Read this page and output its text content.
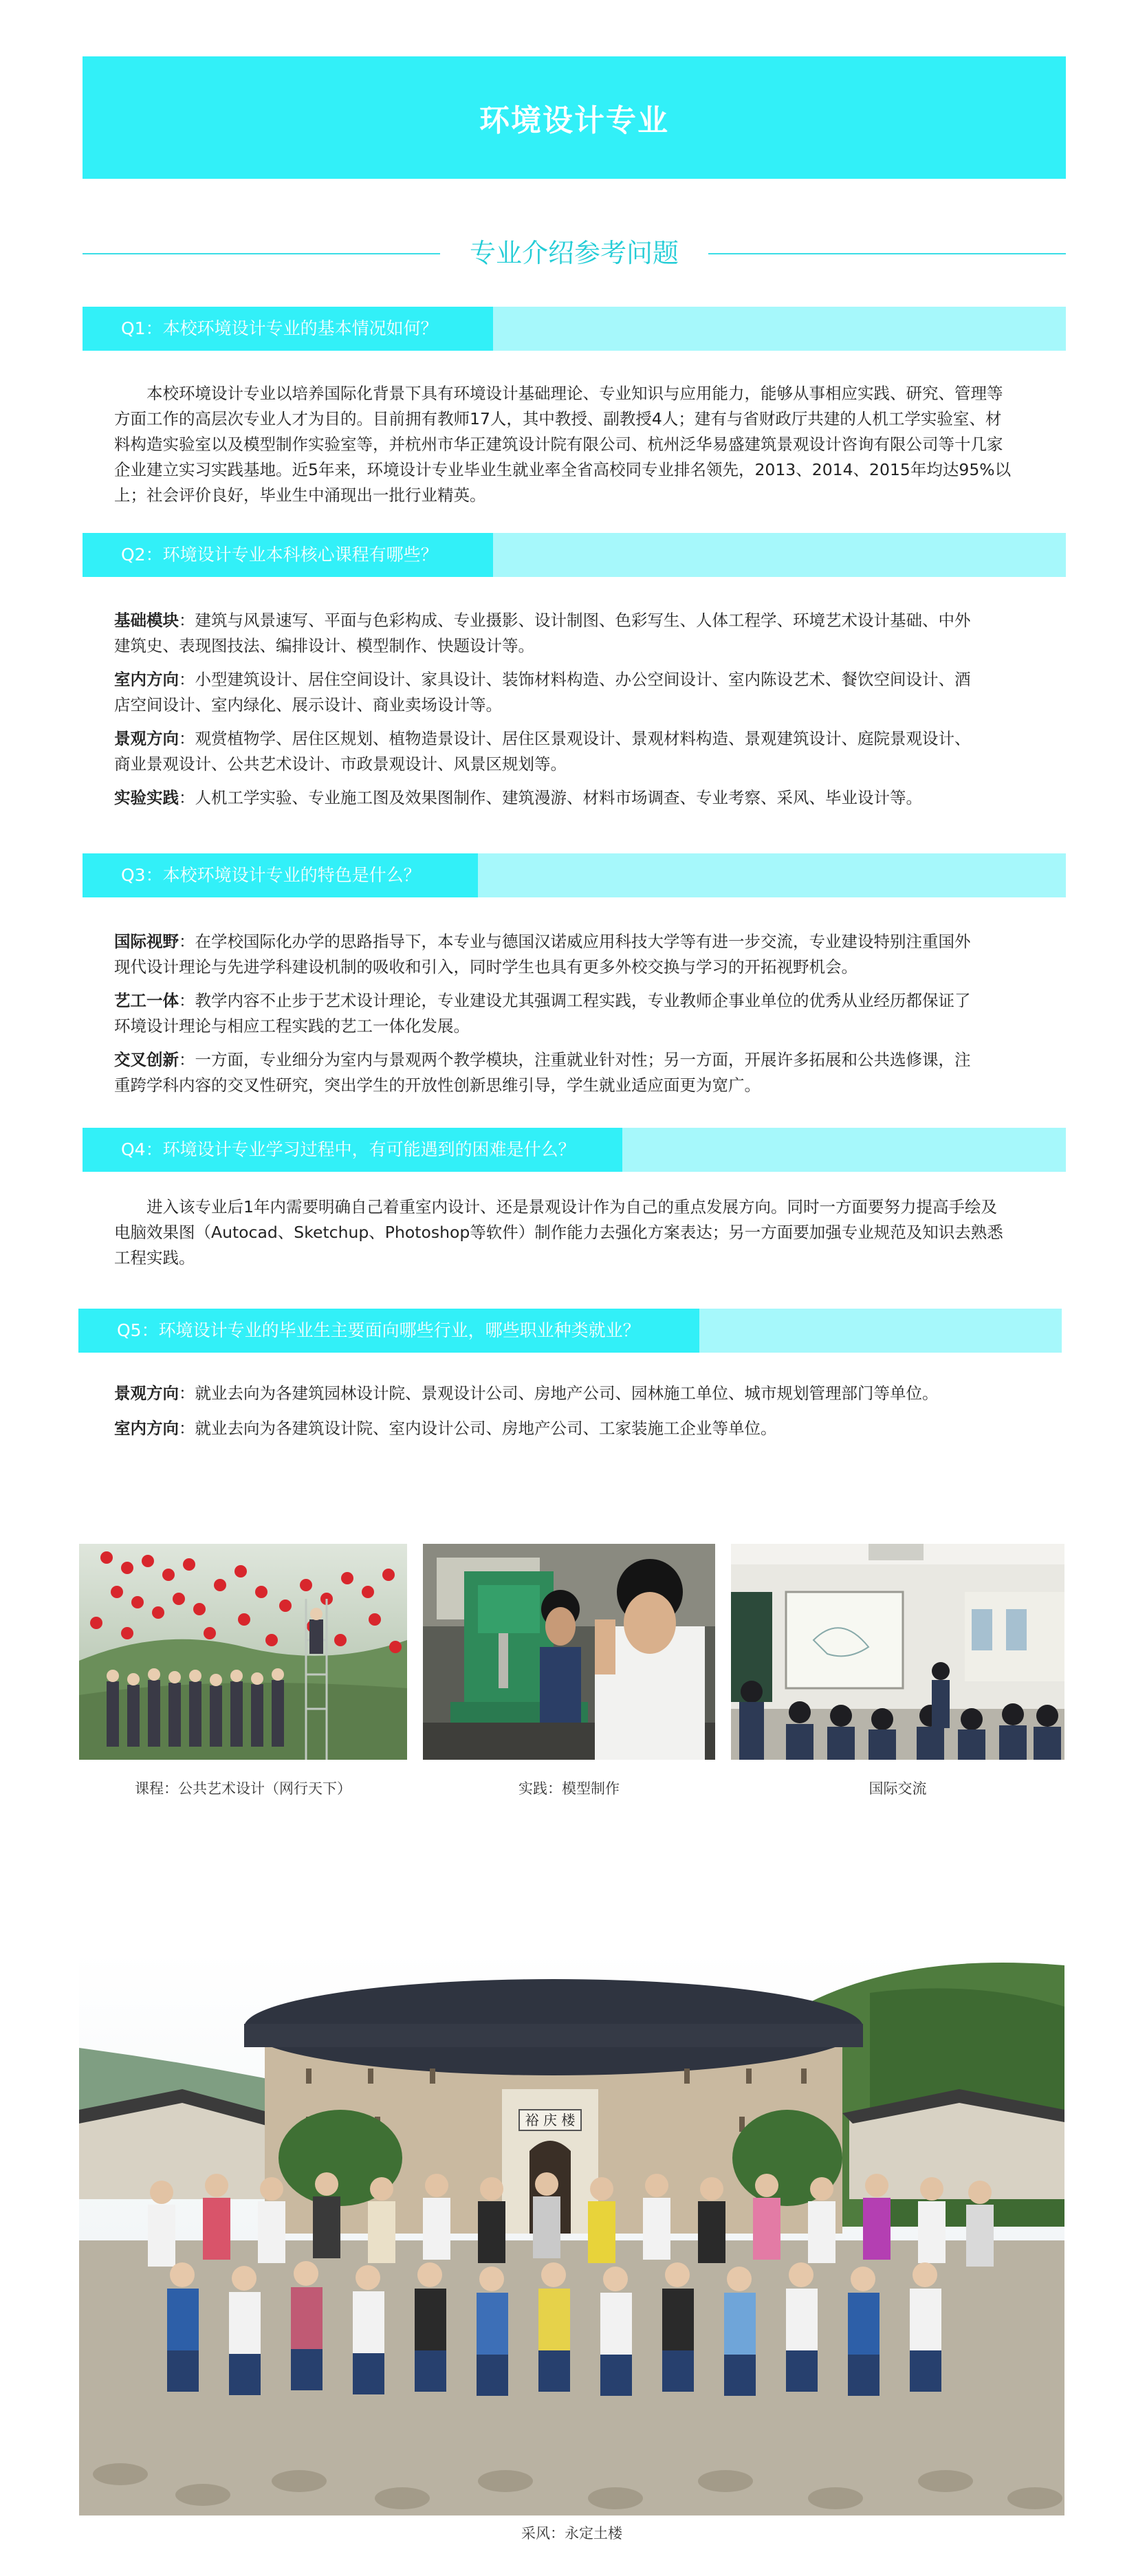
环境设计专业
专业介绍参考问题
Q1：本校环境设计专业的基本情况如何？
本校环境设计专业以培养国际化背景下具有环境设计基础理论、专业知识与应用能力，能够从事相应实践、研究、管理等
方面工作的高层次专业人才为目的。目前拥有教师17人，其中教授、副教授4人；建有与省财政厅共建的人机工学实验室、材
料构造实验室以及模型制作实验室等，并杭州市华正建筑设计院有限公司、杭州泛华易盛建筑景观设计咨询有限公司等十几家
企业建立实习实践基地。近5年来，环境设计专业毕业生就业率全省高校同专业排名领先，2013、2014、2015年均达95%以
上；社会评价良好，毕业生中涌现出一批行业精英。
Q2：环境设计专业本科核心课程有哪些？
基础模块：建筑与风景速写、平面与色彩构成、专业摄影、设计制图、色彩写生、人体工程学、环境艺术设计基础、中外
建筑史、表现图技法、编排设计、模型制作、快题设计等。
室内方向：小型建筑设计、居住空间设计、家具设计、装饰材料构造、办公空间设计、室内陈设艺术、餐饮空间设计、酒
店空间设计、室内绿化、展示设计、商业卖场设计等。
景观方向：观赏植物学、居住区规划、植物造景设计、居住区景观设计、景观材料构造、景观建筑设计、庭院景观设计、
商业景观设计、公共艺术设计、市政景观设计、风景区规划等。
实验实践：人机工学实验、专业施工图及效果图制作、建筑漫游、材料市场调查、专业考察、采风、毕业设计等。
Q3：本校环境设计专业的特色是什么？
国际视野：在学校国际化办学的思路指导下，本专业与德国汉诺威应用科技大学等有进一步交流，专业建设特别注重国外
现代设计理论与先进学科建设机制的吸收和引入，同时学生也具有更多外校交换与学习的开拓视野机会。
艺工一体：教学内容不止步于艺术设计理论，专业建设尤其强调工程实践，专业教师企事业单位的优秀从业经历都保证了
环境设计理论与相应工程实践的艺工一体化发展。
交叉创新：一方面，专业细分为室内与景观两个教学模块，注重就业针对性；另一方面，开展许多拓展和公共选修课，注
重跨学科内容的交叉性研究，突出学生的开放性创新思维引导，学生就业适应面更为宽广。
Q4：环境设计专业学习过程中，有可能遇到的困难是什么？
进入该专业后1年内需要明确自己着重室内设计、还是景观设计作为自己的重点发展方向。同时一方面要努力提高手绘及
电脑效果图（Autocad、Sketchup、Photoshop等软件）制作能力去强化方案表达；另一方面要加强专业规范及知识去熟悉
工程实践。
Q5：环境设计专业的毕业生主要面向哪些行业，哪些职业种类就业？
景观方向：就业去向为各建筑园林设计院、景观设计公司、房地产公司、园林施工单位、城市规划管理部门等单位。
室内方向：就业去向为各建筑设计院、室内设计公司、房地产公司、工家装施工企业等单位。
课程：公共艺术设计（网行天下）	实践：模型制作	国际交流
裕 庆 楼
采风：永定土楼
